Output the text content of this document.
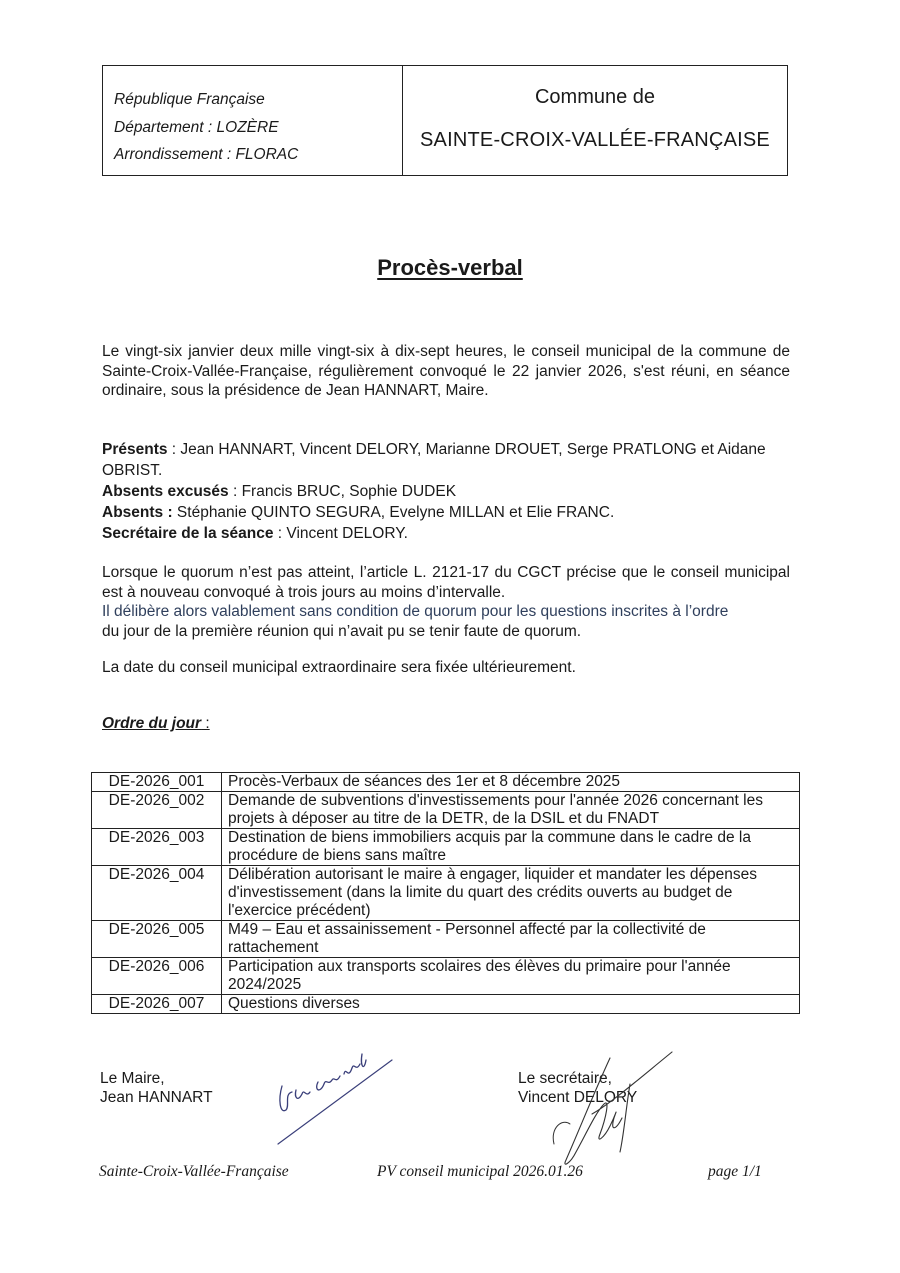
République Française
Département : LOZÈRE
Arrondissement : FLORAC
Commune de
SAINTE-CROIX-VALLÉE-FRANÇAISE
Procès-verbal

Le vingt-six janvier deux mille vingt-six à dix-sept heures, le conseil municipal de la commune de Sainte-Croix-Vallée-Française, régulièrement convoqué le 22 janvier 2026, s'est réuni, en séance ordinaire, sous la présidence de Jean HANNART, Maire.

Présents : Jean HANNART, Vincent DELORY, Marianne DROUET, Serge PRATLONG et Aidane OBRIST.
Absents excusés : Francis BRUC, Sophie DUDEK
Absents : Stéphanie QUINTO SEGURA, Evelyne MILLAN et Elie FRANC.
Secrétaire de la séance : Vincent DELORY.
Lorsque le quorum n’est pas atteint, l’article L. 2121-17 du CGCT précise que le conseil municipal est à nouveau convoqué à trois jours au moins d’intervalle.
Il délibère alors valablement sans condition de quorum pour les questions inscrites à l’ordre
du jour de la première réunion qui n’avait pu se tenir faute de quorum.

La date du conseil municipal extraordinaire sera fixée ultérieurement.

Ordre du jour :
DE-2026_001	Procès-Verbaux de séances des 1er et 8 décembre 2025
DE-2026_002	Demande de subventions d'investissements pour l'année 2026 concernant les projets à déposer au titre de la DETR, de la DSIL et du FNADT
DE-2026_003	Destination de biens immobiliers acquis par la commune dans le cadre de la procédure de biens sans maître
DE-2026_004	Délibération autorisant le maire à engager, liquider et mandater les dépenses d'investissement (dans la limite du quart des crédits ouverts au budget de l'exercice précédent)
DE-2026_005	M49 – Eau et assainissement - Personnel affecté par la collectivité de rattachement
DE-2026_006	Participation aux transports scolaires des élèves du primaire pour l'année 2024/2025
DE-2026_007	Questions diverses
Le Maire,
Jean HANNART
Le secrétaire,
Vincent DELORY
Sainte-Croix-Vallée-Française	PV conseil municipal 2026.01.26	page 1/1
